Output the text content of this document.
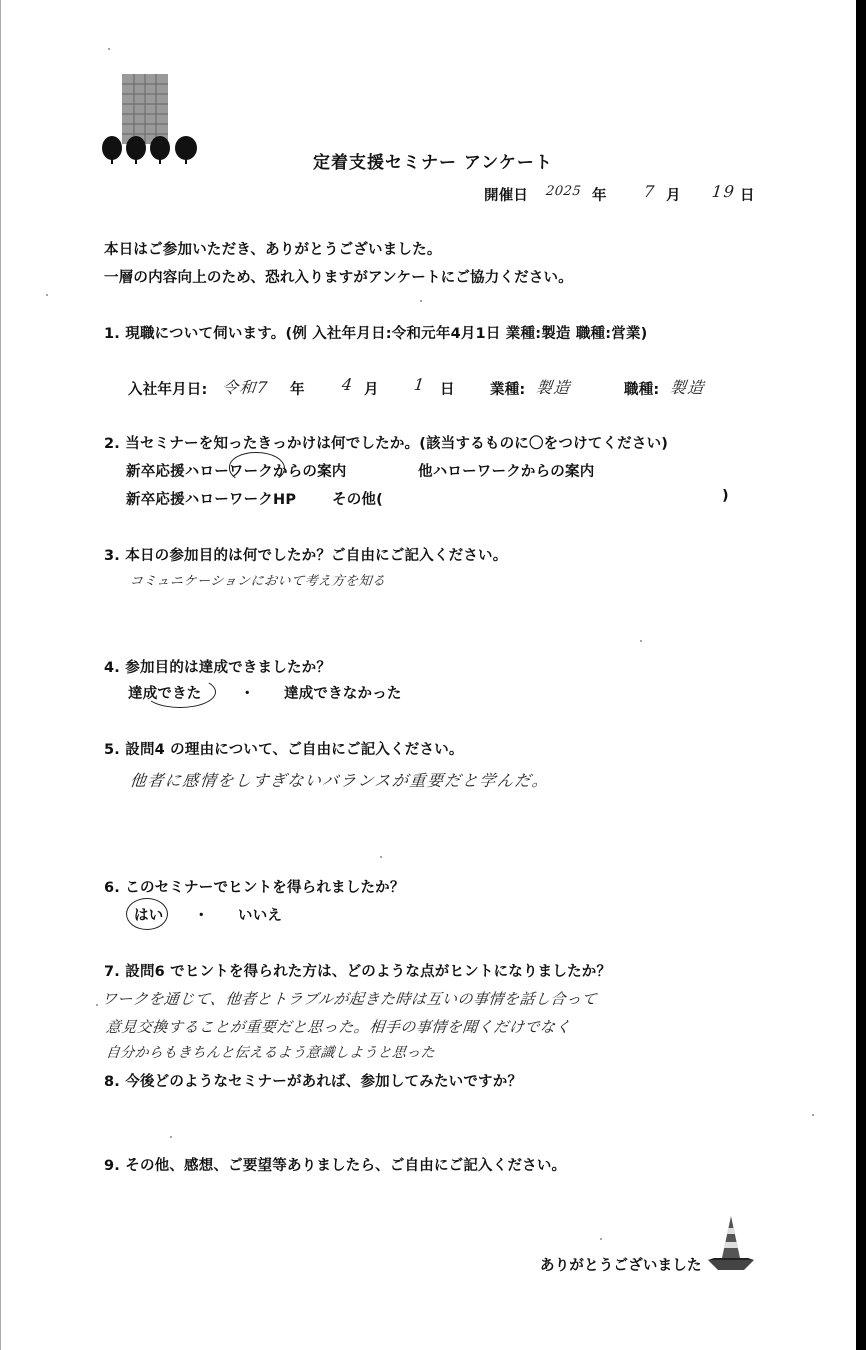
定着支援セミナー アンケート
開催日 2025 年 7 月 19 日
本日はご参加いただき、ありがとうございました。
一層の内容向上のため、恐れ入りますがアンケートにご協力ください。
1. 現職について伺います。(例 入社年月日:令和元年4月1日 業種:製造 職種:営業)
入社年月日: 令和7 年 4 月 1 日 業種: 製造	職種: 製造
2. 当セミナーを知ったきっかけは何でしたか。(該当するものに〇をつけてください)
新卒応援ハローワークからの案内	他ハローワークからの案内
新卒応援ハローワークHP その他(	)
3. 本日の参加目的は何でしたか？ご自由にご記入ください。
コミュニケーションにおいて考え方を知る
4. 参加目的は達成できましたか？
達成できた	・ 達成できなかった
5. 設問4 の理由について、ご自由にご記入ください。
他者に感情をしすぎないバランスが重要だと学んだ。
6. このセミナーでヒントを得られましたか？
はい ・ いいえ
7. 設問6 でヒントを得られた方は、どのような点がヒントになりましたか？
ワークを通じて、他者とトラブルが起きた時は互いの事情を話し合って
意見交換することが重要だと思った。相手の事情を聞くだけでなく
自分からもきちんと伝えるよう意識しようと思った
8. 今後どのようなセミナーがあれば、参加してみたいですか？
9. その他、感想、ご要望等ありましたら、ご自由にご記入ください。
ありがとうございました
